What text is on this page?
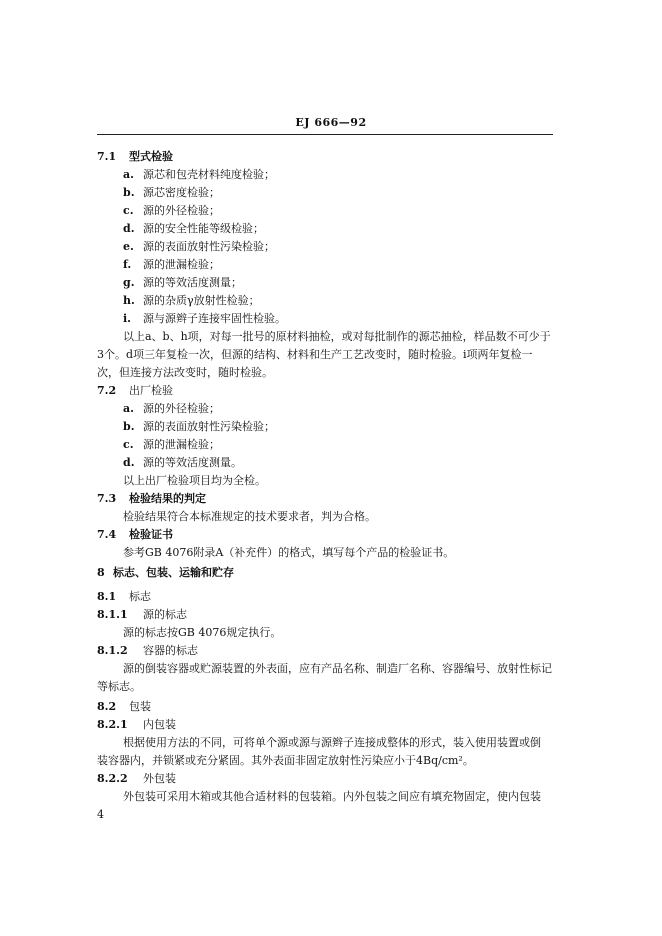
EJ 666—92
7.1 型式检验
a. 源芯和包壳材料纯度检验；
b. 源芯密度检验；
c. 源的外径检验；
d. 源的安全性能等级检验；
e. 源的表面放射性污染检验；
f. 源的泄漏检验；
g. 源的等效活度测量；
h. 源的杂质γ放射性检验；
i. 源与源辫子连接牢固性检验。
以上a、b、h项，对每一批号的原材料抽检，或对每批制作的源芯抽检，样品数不可少于
3个。d项三年复检一次，但源的结构、材料和生产工艺改变时，随时检验。i项两年复检一
次，但连接方法改变时，随时检验。
7.2 出厂检验
a. 源的外径检验；
b. 源的表面放射性污染检验；
c. 源的泄漏检验；
d. 源的等效活度测量。
以上出厂检验项目均为全检。
7.3 检验结果的判定
检验结果符合本标准规定的技术要求者，判为合格。
7.4 检验证书
参考GB 4076附录A（补充件）的格式，填写每个产品的检验证书。
8 标志、包装、运输和贮存
8.1 标志
8.1.1 源的标志
源的标志按GB 4076规定执行。
8.1.2 容器的标志
源的倒装容器或贮源装置的外表面，应有产品名称、制造厂名称、容器编号、放射性标记
等标志。
8.2 包装
8.2.1 内包装
根据使用方法的不同，可将单个源或源与源辫子连接成整体的形式，装入使用装置或倒
装容器内，并锁紧或充分紧固。其外表面非固定放射性污染应小于4Bq/cm²。
8.2.2 外包装
外包装可采用木箱或其他合适材料的包装箱。内外包装之间应有填充物固定，使内包装
4
